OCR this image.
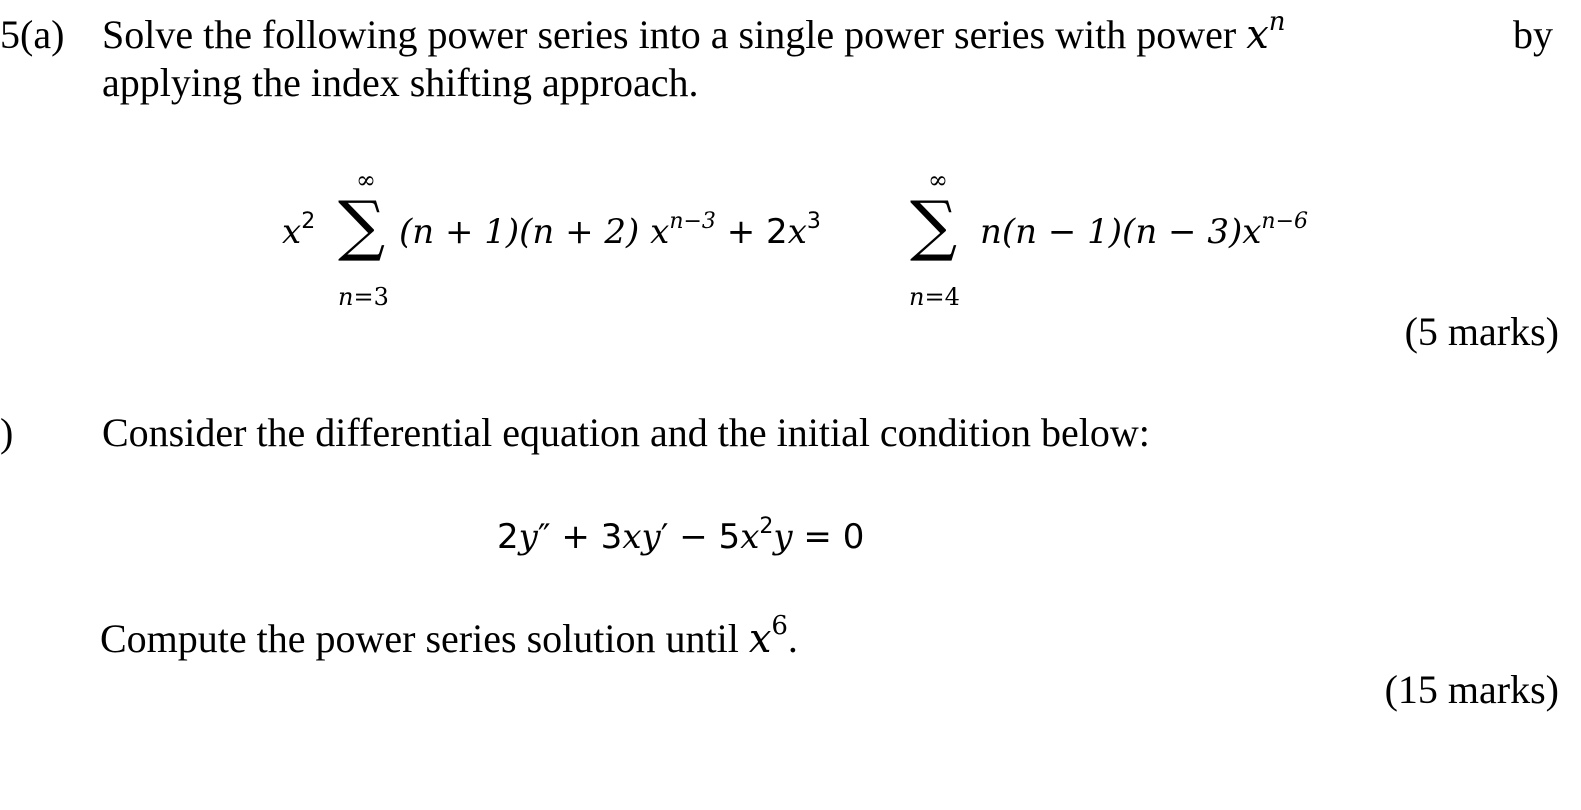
5(a) Solve the following power series into a single power series with power $x^n$	by
applying the index shifting approach.
$x^2$
∞
∑
n=3
(n + 1)(n + 2) $x^{n-3} + 2x^3$
∞
∑
n=4
$n(n - 1)(n - 3)x^{n-6}$
(5 marks)
) Consider the differential equation and the initial condition below:
$2y'' + 3xy' - 5x^2y = 0$
Compute the power series solution until $x^6$.
(15 marks)
